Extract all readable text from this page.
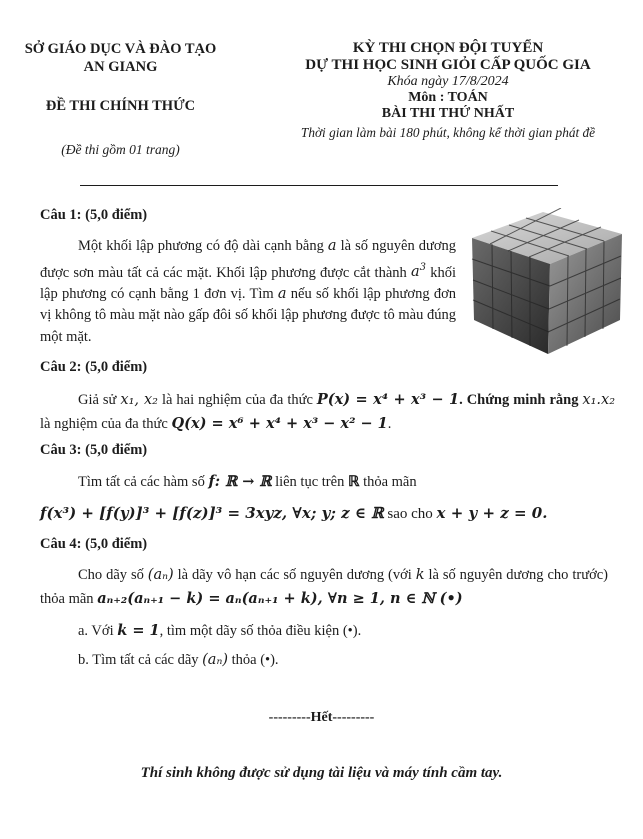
SỞ GIÁO DỤC VÀ ĐÀO TẠO
AN GIANG
ĐỀ THI CHÍNH THỨC
(Đề thi gồm 01 trang)
KỲ THI CHỌN ĐỘI TUYỂN
DỰ THI HỌC SINH GIỎI CẤP QUỐC GIA
Khóa ngày 17/8/2024
Môn : TOÁN
BÀI THI THỨ NHẤT
Thời gian làm bài 180 phút, không kể thời gian phát đề
Câu 1: (5,0 điểm)
Một khối lập phương có độ dài cạnh bằng a là số nguyên dương được sơn màu tất cả các mặt. Khối lập phương được cắt thành $a^3$ khối lập phương có cạnh bằng 1 đơn vị. Tìm a nếu số khối lập phương đơn vị không tô màu mặt nào gấp đôi số khối lập phương được tô màu đúng một mặt.
Câu 2: (5,0 điểm)
Giả sử x₁, x₂ là hai nghiệm của đa thức P(x) = x⁴ + x³ − 1. Chứng minh rằng x₁.x₂ là nghiệm của đa thức Q(x) = x⁶ + x⁴ + x³ − x² − 1.
Câu 3: (5,0 điểm)
Tìm tất cả các hàm số f: ℝ → ℝ liên tục trên ℝ thỏa mãn
f(x³) + [f(y)]³ + [f(z)]³ = 3xyz, ∀x; y; z ∈ ℝ sao cho x + y + z = 0.
Câu 4: (5,0 điểm)
Cho dãy số (aₙ) là dãy vô hạn các số nguyên dương (với k là số nguyên dương cho trước) thỏa mãn aₙ₊₂(aₙ₊₁ − k) = aₙ(aₙ₊₁ + k), ∀n ≥ 1, n ∈ ℕ (•)
a. Với k = 1, tìm một dãy số thỏa điều kiện (•).
b. Tìm tất cả các dãy (aₙ) thỏa (•).
---------Hết---------
Thí sinh không được sử dụng tài liệu và máy tính cầm tay.
